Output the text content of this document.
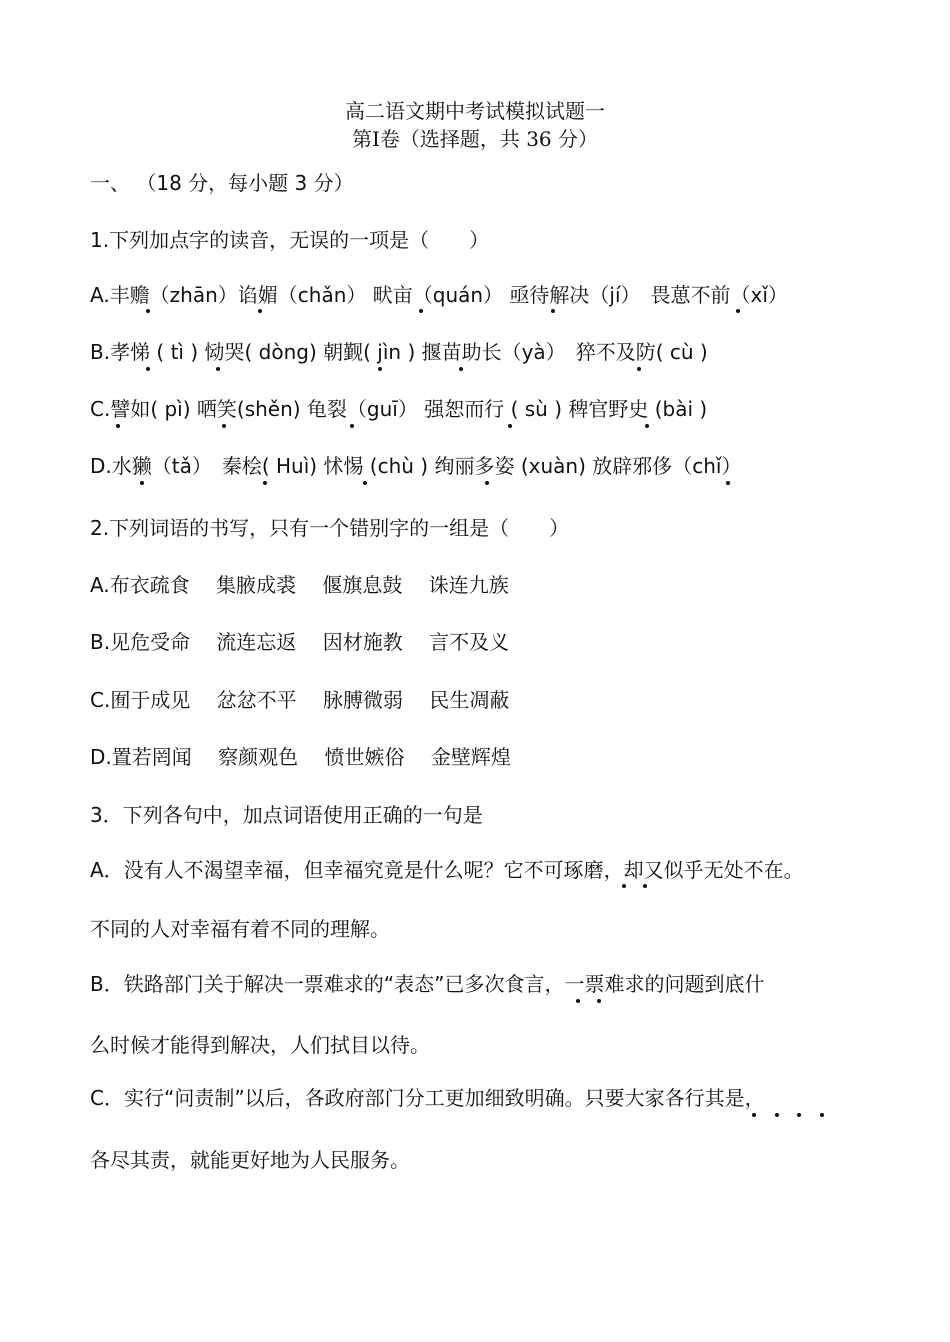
高二语文期中考试模拟试题一
第Ⅰ卷（选择题，共 36 分）
一、 （18 分，每小题 3 分）
1.下列加点字的读音，无误的一项是（　　）
A.丰赡（zhān）谄媚（chǎn） 畎亩（quán） 亟待解决（jí）　畏葸不前（xǐ）
B.孝悌 ( tì ) 恸哭( dòng) 朝觐( jìn ) 揠苗助长（yà）　猝不及防( cù )
C.譬如( pì) 哂笑(shěn) 龟裂（guī） 强恕而行 ( sù ) 稗官野史 (bài )
D.水獭（tǎ）　秦桧( Huì) 怵惕 (chù ) 绚丽多姿 (xuàn) 放辟邪侈（chǐ）
2.下列词语的书写，只有一个错别字的一组是（　　）
A.布衣疏食　 集腋成裘　 偃旗息鼓　 诛连九族
B.见危受命　 流连忘返　 因材施教　 言不及义
C.囿于成见　 忿忿不平　 脉膊微弱　 民生凋蔽
D.置若罔闻　 察颜观色　 愤世嫉俗　 金壁辉煌
3．下列各句中，加点词语使用正确的一句是
A．没有人不渴望幸福，但幸福究竟是什么呢？它不可琢磨，却又似乎无处不在。
不同的人对幸福有着不同的理解。
B．铁路部门关于解决一票难求的“表态”已多次食言，一票难求的问题到底什
么时候才能得到解决，人们拭目以待。
C．实行“问责制”以后，各政府部门分工更加细致明确。只要大家各行其是，
各尽其责，就能更好地为人民服务。
